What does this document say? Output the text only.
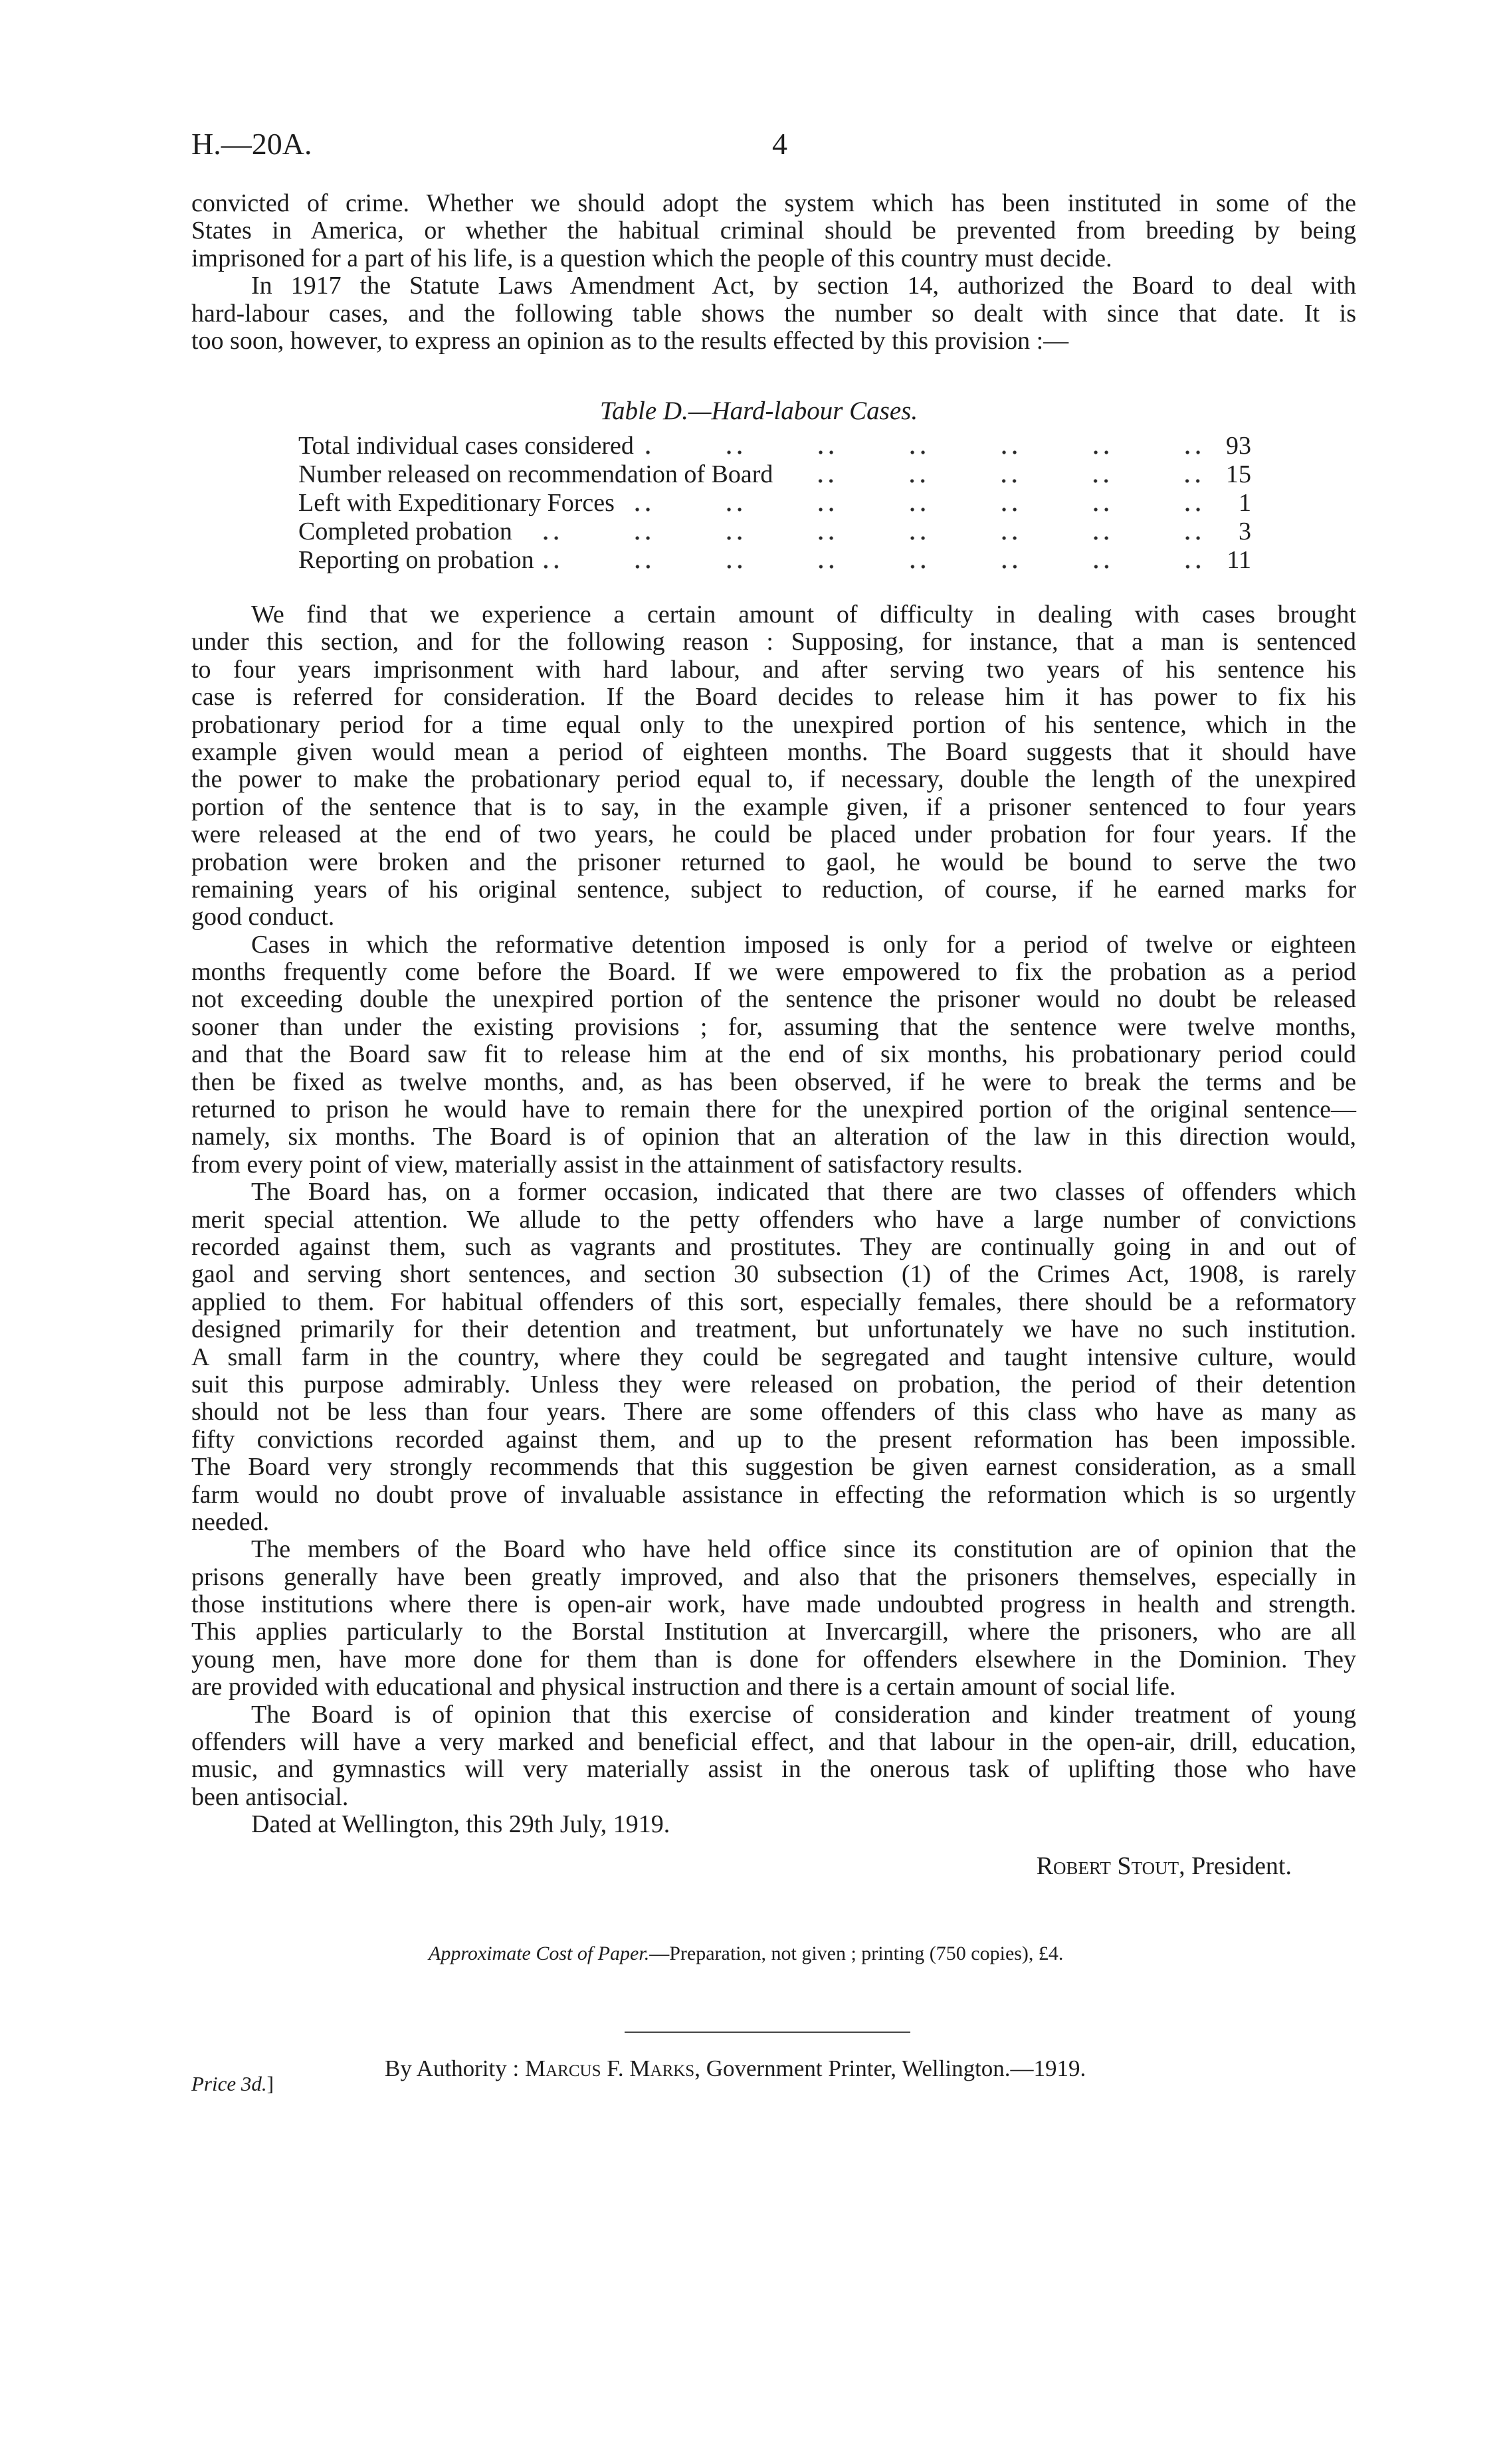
H.—20A.	4
convicted of crime. Whether we should adopt the system which has been instituted in some of the
States in America, or whether the habitual criminal should be prevented from breeding by being
imprisoned for a part of his life, is a question which the people of this country must decide.
In 1917 the Statute Laws Amendment Act, by section 14, authorized the Board to deal with
hard-labour cases, and the following table shows the number so dealt with since that date. It is
too soon, however, to express an opinion as to the results effected by this provision :—
Table D.—Hard-labour Cases.
Total individual cases considered	93
Number released on recommendation of Board	15
Left with Expeditionary Forces	1
Completed probation	3
Reporting on probation	11
We find that we experience a certain amount of difficulty in dealing with cases brought
under this section, and for the following reason : Supposing, for instance, that a man is sentenced
to four years imprisonment with hard labour, and after serving two years of his sentence his
case is referred for consideration. If the Board decides to release him it has power to fix his
probationary period for a time equal only to the unexpired portion of his sentence, which in the
example given would mean a period of eighteen months. The Board suggests that it should have
the power to make the probationary period equal to, if necessary, double the length of the unexpired
portion of the sentence that is to say, in the example given, if a prisoner sentenced to four years
were released at the end of two years, he could be placed under probation for four years. If the
probation were broken and the prisoner returned to gaol, he would be bound to serve the two
remaining years of his original sentence, subject to reduction, of course, if he earned marks for
good conduct.
Cases in which the reformative detention imposed is only for a period of twelve or eighteen
months frequently come before the Board. If we were empowered to fix the probation as a period
not exceeding double the unexpired portion of the sentence the prisoner would no doubt be released
sooner than under the existing provisions ; for, assuming that the sentence were twelve months,
and that the Board saw fit to release him at the end of six months, his probationary period could
then be fixed as twelve months, and, as has been observed, if he were to break the terms and be
returned to prison he would have to remain there for the unexpired portion of the original sentence—
namely, six months. The Board is of opinion that an alteration of the law in this direction would,
from every point of view, materially assist in the attainment of satisfactory results.
The Board has, on a former occasion, indicated that there are two classes of offenders which
merit special attention. We allude to the petty offenders who have a large number of convictions
recorded against them, such as vagrants and prostitutes. They are continually going in and out of
gaol and serving short sentences, and section 30 subsection (1) of the Crimes Act, 1908, is rarely
applied to them. For habitual offenders of this sort, especially females, there should be a reformatory
designed primarily for their detention and treatment, but unfortunately we have no such institution.
A small farm in the country, where they could be segregated and taught intensive culture, would
suit this purpose admirably. Unless they were released on probation, the period of their detention
should not be less than four years. There are some offenders of this class who have as many as
fifty convictions recorded against them, and up to the present reformation has been impossible.
The Board very strongly recommends that this suggestion be given earnest consideration, as a small
farm would no doubt prove of invaluable assistance in effecting the reformation which is so urgently
needed.
The members of the Board who have held office since its constitution are of opinion that the
prisons generally have been greatly improved, and also that the prisoners themselves, especially in
those institutions where there is open-air work, have made undoubted progress in health and strength.
This applies particularly to the Borstal Institution at Invercargill, where the prisoners, who are all
young men, have more done for them than is done for offenders elsewhere in the Dominion. They
are provided with educational and physical instruction and there is a certain amount of social life.
The Board is of opinion that this exercise of consideration and kinder treatment of young
offenders will have a very marked and beneficial effect, and that labour in the open-air, drill, education,
music, and gymnastics will very materially assist in the onerous task of uplifting those who have
been antisocial.
Dated at Wellington, this 29th July, 1919.
Robert Stout, President.
Approximate Cost of Paper.—Preparation, not given ; printing (750 copies), £4.
By Authority : Marcus F. Marks, Government Printer, Wellington.—1919.
Price 3d.]
